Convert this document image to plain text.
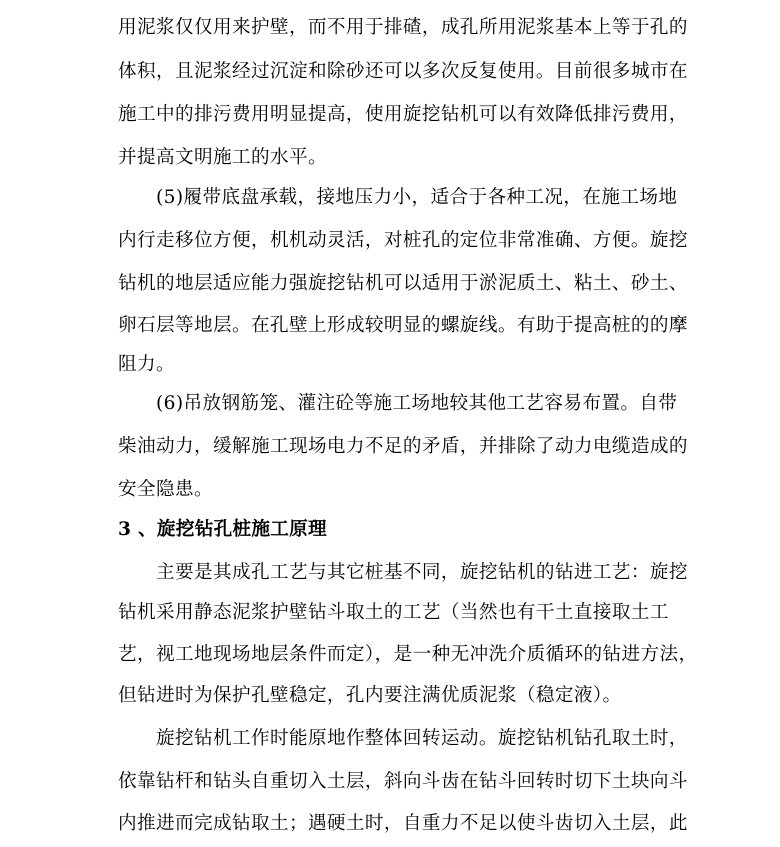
用泥浆仅仅用来护壁，而不用于排碴，成孔所用泥浆基本上等于孔的
体积，且泥浆经过沉淀和除砂还可以多次反复使用。目前很多城市在
施工中的排污费用明显提高，使用旋挖钻机可以有效降低排污费用，
并提高文明施工的水平。
(5)履带底盘承载，接地压力小，适合于各种工况，在施工场地
内行走移位方便，机机动灵活，对桩孔的定位非常准确、方便。旋挖
钻机的地层适应能力强旋挖钻机可以适用于淤泥质土、粘土、砂土、
卵石层等地层。在孔壁上形成较明显的螺旋线。有助于提高桩的的摩
阻力。
(6)吊放钢筋笼、灌注砼等施工场地较其他工艺容易布置。自带
柴油动力，缓解施工现场电力不足的矛盾，并排除了动力电缆造成的
安全隐患。
3 、旋挖钻孔桩施工原理
主要是其成孔工艺与其它桩基不同，旋挖钻机的钻进工艺：旋挖
钻机采用静态泥浆护壁钻斗取土的工艺（当然也有干土直接取土工
艺，视工地现场地层条件而定），是一种无冲洗介质循环的钻进方法，
但钻进时为保护孔壁稳定，孔内要注满优质泥浆（稳定液）。
旋挖钻机工作时能原地作整体回转运动。旋挖钻机钻孔取土时，
依靠钻杆和钻头自重切入土层，斜向斗齿在钻斗回转时切下土块向斗
内推进而完成钻取土；遇硬土时，自重力不足以使斗齿切入土层，此
